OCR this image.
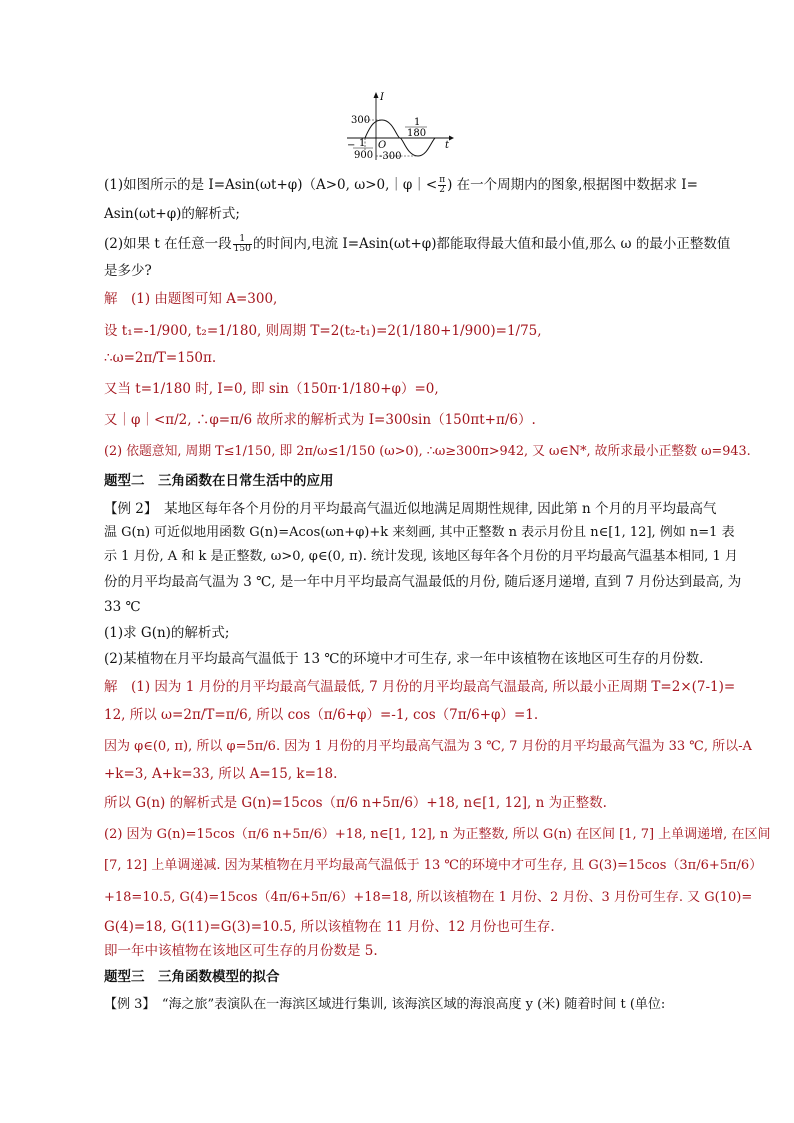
I
t
300
O
-300
1
180
− 1
900
(1)如图所示的是 I=Asin(ωt+φ)（A>0, ω>0,｜φ｜< $\frac{\pi}{2}$ ) 在一个周期内的图象,根据图中数据求 I=
Asin(ωt+φ)的解析式;
(2)如果 t 在任意一段 $\frac{1}{150}$ 的时间内,电流 I=Asin(ωt+φ)都能取得最大值和最小值,那么 ω 的最小正整数值
是多少?
解　(1) 由题图可知 A=300,
设 t₁=-1/900, t₂=1/180, 则周期 T=2(t₂-t₁)=2(1/180+1/900)=1/75,
∴ω=2π/T=150π.
又当 t=1/180 时, I=0, 即 sin（150π·1/180+φ）=0,
又｜φ｜<π/2, ∴φ=π/6 故所求的解析式为 I=300sin（150πt+π/6）.
(2) 依题意知, 周期 T≤1/150, 即 2π/ω≤1/150 (ω>0), ∴ω≥300π>942, 又 ω∈N*, 故所求最小正整数 ω=943.
题型二　三角函数在日常生活中的应用
【例 2】　某地区每年各个月份的月平均最高气温近似地满足周期性规律, 因此第 n 个月的月平均最高气
温 G(n) 可近似地用函数 G(n)=Acos(ωn+φ)+k 来刻画, 其中正整数 n 表示月份且 n∈[1, 12], 例如 n=1 表
示 1 月份, A 和 k 是正整数, ω>0, φ∈(0, π). 统计发现, 该地区每年各个月份的月平均最高气温基本相同, 1 月
份的月平均最高气温为 3 ℃, 是一年中月平均最高气温最低的月份, 随后逐月递增, 直到 7 月份达到最高, 为
33 ℃
(1)求 G(n)的解析式;
(2)某植物在月平均最高气温低于 13 ℃的环境中才可生存, 求一年中该植物在该地区可生存的月份数.
解　(1) 因为 1 月份的月平均最高气温最低, 7 月份的月平均最高气温最高, 所以最小正周期 T=2×(7-1)=
12, 所以 ω=2π/T=π/6, 所以 cos（π/6+φ）=-1, cos（7π/6+φ）=1.
因为 φ∈(0, π), 所以 φ=5π/6. 因为 1 月份的月平均最高气温为 3 ℃, 7 月份的月平均最高气温为 33 ℃, 所以-A
+k=3, A+k=33, 所以 A=15, k=18.
所以 G(n) 的解析式是 G(n)=15cos（π/6 n+5π/6）+18, n∈[1, 12], n 为正整数.
(2) 因为 G(n)=15cos（π/6 n+5π/6）+18, n∈[1, 12], n 为正整数, 所以 G(n) 在区间 [1, 7] 上单调递增, 在区间
[7, 12] 上单调递减. 因为某植物在月平均最高气温低于 13 ℃的环境中才可生存, 且 G(3)=15cos（3π/6+5π/6）
+18=10.5, G(4)=15cos（4π/6+5π/6）+18=18, 所以该植物在 1 月份、2 月份、3 月份可生存. 又 G(10)=
G(4)=18, G(11)=G(3)=10.5, 所以该植物在 11 月份、12 月份也可生存.
即一年中该植物在该地区可生存的月份数是 5.
题型三　三角函数模型的拟合
【例 3】　“海之旅”表演队在一海滨区域进行集训, 该海滨区域的海浪高度 y (米) 随着时间 t (单位:
